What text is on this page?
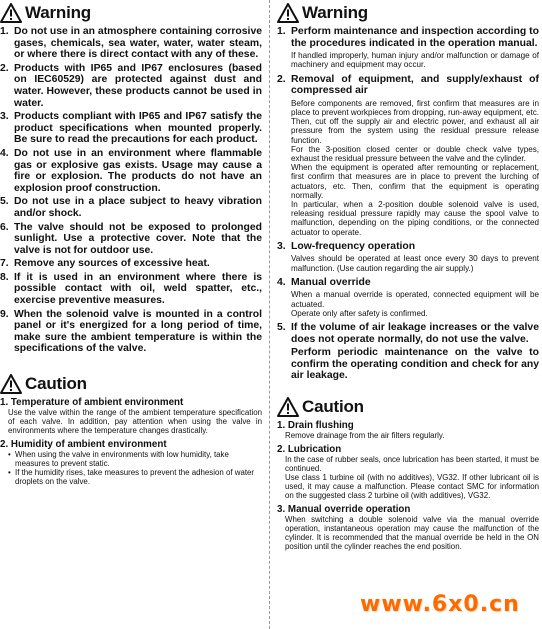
Warning
1. Do not use in an atmosphere containing corrosive gases, chemicals, sea water, water, water steam, or where there is direct contact with any of these.
2. Products with IP65 and IP67 enclosures (based on IEC60529) are protected against dust and water. However, these products cannot be used in water.
3. Products compliant with IP65 and IP67 satisfy the product specifications when mounted properly. Be sure to read the precautions for each product.
4. Do not use in an environment where flammable gas or explosive gas exists. Usage may cause a fire or explosion. The products do not have an explosion proof construction.
5. Do not use in a place subject to heavy vibration and/or shock.
6. The valve should not be exposed to prolonged sunlight. Use a protective cover. Note that the valve is not for outdoor use.
7. Remove any sources of excessive heat.
8. If it is used in an environment where there is possible contact with oil, weld spatter, etc., exercise preventive measures.
9. When the solenoid valve is mounted in a control panel or it's energized for a long period of time, make sure the ambient temperature is within the specifications of the valve.
Caution
1. Temperature of ambient environment
Use the valve within the range of the ambient temperature specification of each valve. In addition, pay attention when using the valve in environments where the temperature changes drastically.
2. Humidity of ambient environment
• When using the valve in environments with low humidity, take measures to prevent static.
• If the humidity rises, take measures to prevent the adhesion of water droplets on the valve.
Warning
1. Perform maintenance and inspection according to the procedures indicated in the operation manual.
If handled improperly, human injury and/or malfunction or damage of machinery and equipment may occur.
2. Removal of equipment, and supply/exhaust of compressed air
Before components are removed, first confirm that measures are in place to prevent workpieces from dropping, run-away equipment, etc. Then, cut off the supply air and electric power, and exhaust all air pressure from the system using the residual pressure release function.
For the 3-position closed center or double check valve types, exhaust the residual pressure between the valve and the cylinder.
When the equipment is operated after remounting or replacement, first confirm that measures are in place to prevent the lurching of actuators, etc. Then, confirm that the equipment is operating normally.
In particular, when a 2-position double solenoid valve is used, releasing residual pressure rapidly may cause the spool valve to malfunction, depending on the piping conditions, or the connected actuator to operate.
3. Low-frequency operation
Valves should be operated at least once every 30 days to prevent malfunction. (Use caution regarding the air supply.)
4. Manual override
When a manual override is operated, connected equipment will be actuated.
Operate only after safety is confirmed.
5. If the volume of air leakage increases or the valve does not operate normally, do not use the valve.
Perform periodic maintenance on the valve to confirm the operating condition and check for any air leakage.
Caution
1. Drain flushing
Remove drainage from the air filters regularly.
2. Lubrication
In the case of rubber seals, once lubrication has been started, it must be continued.
Use class 1 turbine oil (with no additives), VG32. If other lubricant oil is used, it may cause a malfunction. Please contact SMC for information on the suggested class 2 turbine oil (with additives), VG32.
3. Manual override operation
When switching a double solenoid valve via the manual override operation, instantaneous operation may cause the malfunction of the cylinder. It is recommended that the manual override be held in the ON position until the cylinder reaches the end position.
www.6x0.cn
